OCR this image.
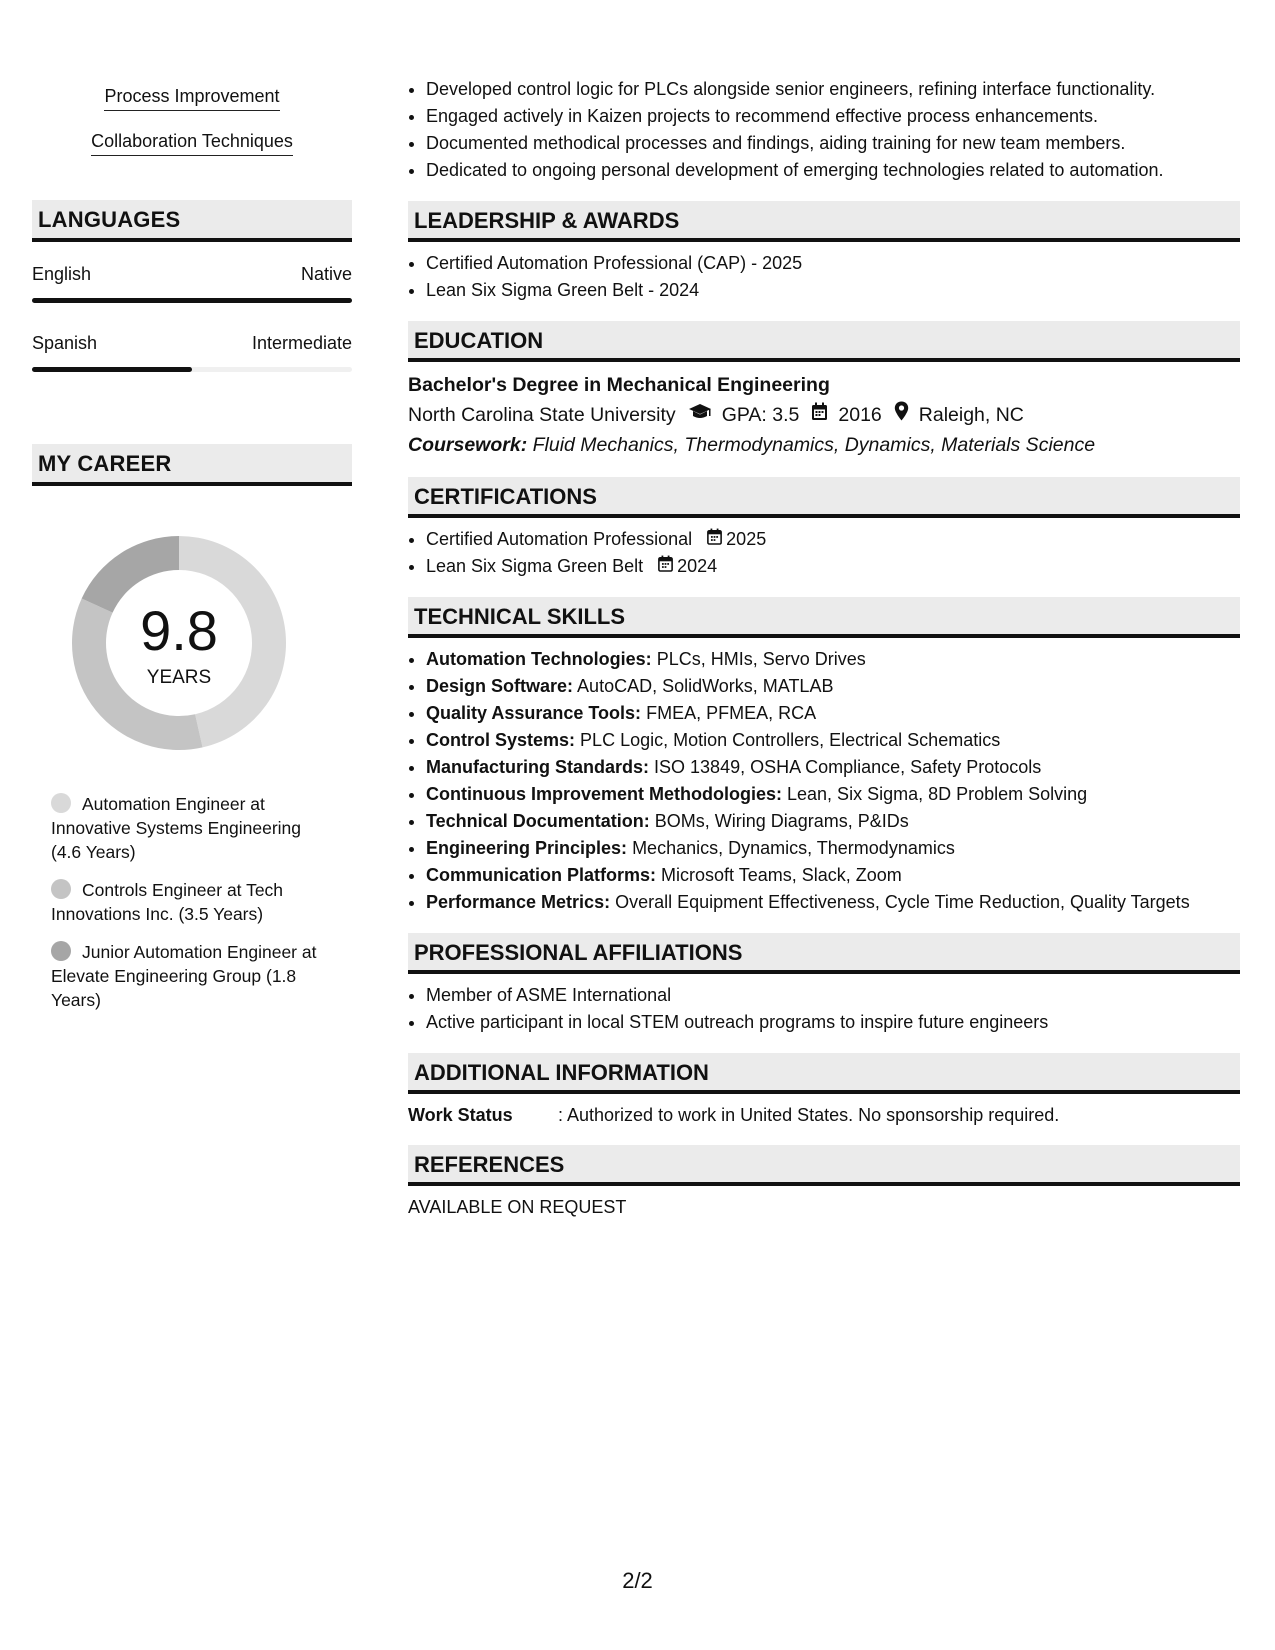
Process Improvement
Collaboration Techniques
LANGUAGES
English	Native
Spanish	Intermediate
MY CAREER
9.8
YEARS
Automation Engineer at Innovative Systems Engineering (4.6 Years)
Controls Engineer at Tech Innovations Inc. (3.5 Years)
Junior Automation Engineer at Elevate Engineering Group (1.8 Years)
• Developed control logic for PLCs alongside senior engineers, refining interface functionality.
• Engaged actively in Kaizen projects to recommend effective process enhancements.
• Documented methodical processes and findings, aiding training for new team members.
• Dedicated to ongoing personal development of emerging technologies related to automation.
LEADERSHIP & AWARDS
• Certified Automation Professional (CAP) - 2025
• Lean Six Sigma Green Belt - 2024
EDUCATION
Bachelor's Degree in Mechanical Engineering
North Carolina State University GPA: 3.5 2016 Raleigh, NC
Coursework: Fluid Mechanics, Thermodynamics, Dynamics, Materials Science
CERTIFICATIONS
• Certified Automation Professional 2025
• Lean Six Sigma Green Belt 2024
TECHNICAL SKILLS
• Automation Technologies: PLCs, HMIs, Servo Drives
• Design Software: AutoCAD, SolidWorks, MATLAB
• Quality Assurance Tools: FMEA, PFMEA, RCA
• Control Systems: PLC Logic, Motion Controllers, Electrical Schematics
• Manufacturing Standards: ISO 13849, OSHA Compliance, Safety Protocols
• Continuous Improvement Methodologies: Lean, Six Sigma, 8D Problem Solving
• Technical Documentation: BOMs, Wiring Diagrams, P&IDs
• Engineering Principles: Mechanics, Dynamics, Thermodynamics
• Communication Platforms: Microsoft Teams, Slack, Zoom
• Performance Metrics: Overall Equipment Effectiveness, Cycle Time Reduction, Quality Targets
PROFESSIONAL AFFILIATIONS
• Member of ASME International
• Active participant in local STEM outreach programs to inspire future engineers
ADDITIONAL INFORMATION
Work Status	: Authorized to work in United States. No sponsorship required.
REFERENCES
AVAILABLE ON REQUEST
2/2
